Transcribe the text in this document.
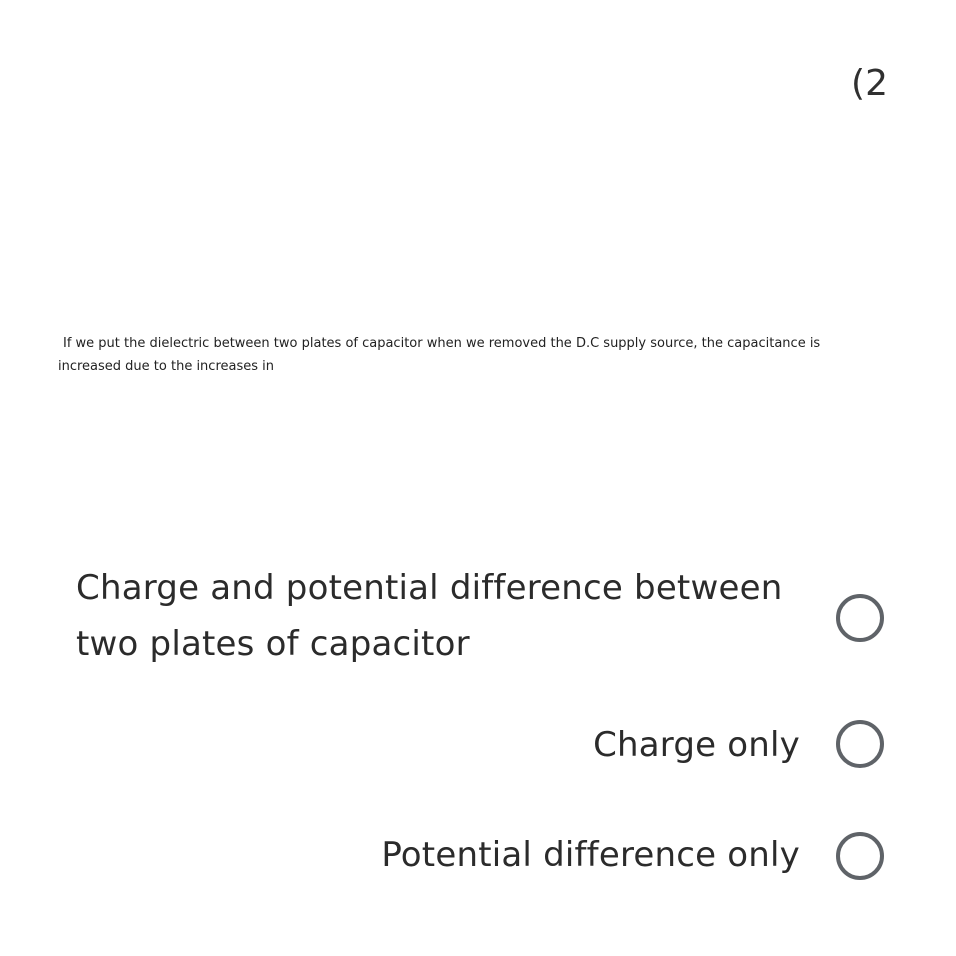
(2
If we put the dielectric between two plates of capacitor when we removed the D.C supply source, the capacitance is
increased due to the increases in
Charge and potential difference between
two plates of capacitor
Charge only
Potential difference only
